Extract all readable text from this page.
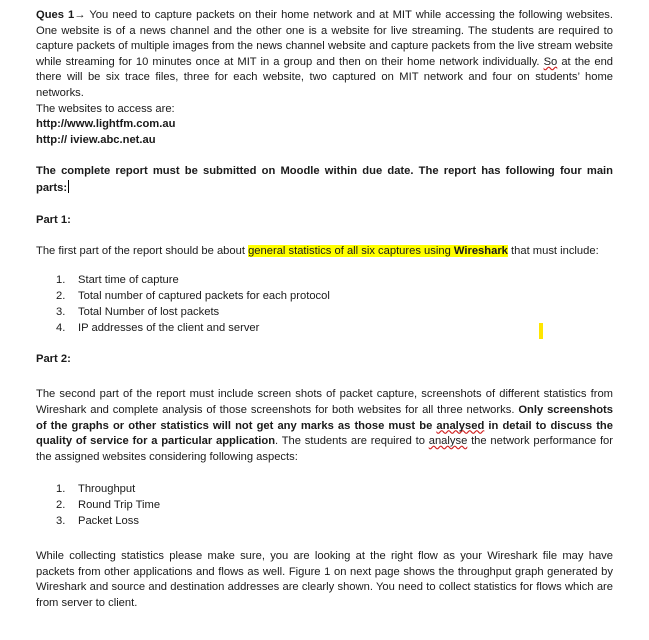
Ques 1→ You need to capture packets on their home network and at MIT while accessing the following websites. One website is of a news channel and the other one is a website for live streaming. The students are required to capture packets of multiple images from the news channel website and capture packets from the live stream website while streaming for 10 minutes once at MIT in a group and then on their home network individually. So at the end there will be six trace files, three for each website, two captured on MIT network and four on students’ home networks.

The websites to access are:

http://www.lightfm.com.au

http:// iview.abc.net.au

The complete report must be submitted on Moodle within due date. The report has following four main parts:

Part 1:

The first part of the report should be about general statistics of all six captures using Wireshark that must include:

1. Start time of capture
2. Total number of captured packets for each protocol
3. Total Number of lost packets
4. IP addresses of the client and server

Part 2:

The second part of the report must include screen shots of packet capture, screenshots of different statistics from Wireshark and complete analysis of those screenshots for both websites for all three networks. Only screenshots of the graphs or other statistics will not get any marks as those must be analysed in detail to discuss the quality of service for a particular application. The students are required to analyse the network performance for the assigned websites considering following aspects:

1. Throughput
2. Round Trip Time
3. Packet Loss

While collecting statistics please make sure, you are looking at the right flow as your Wireshark file may have packets from other applications and flows as well. Figure 1 on next page shows the throughput graph generated by Wireshark and source and destination addresses are clearly shown. You need to collect statistics for flows which are from server to client.
